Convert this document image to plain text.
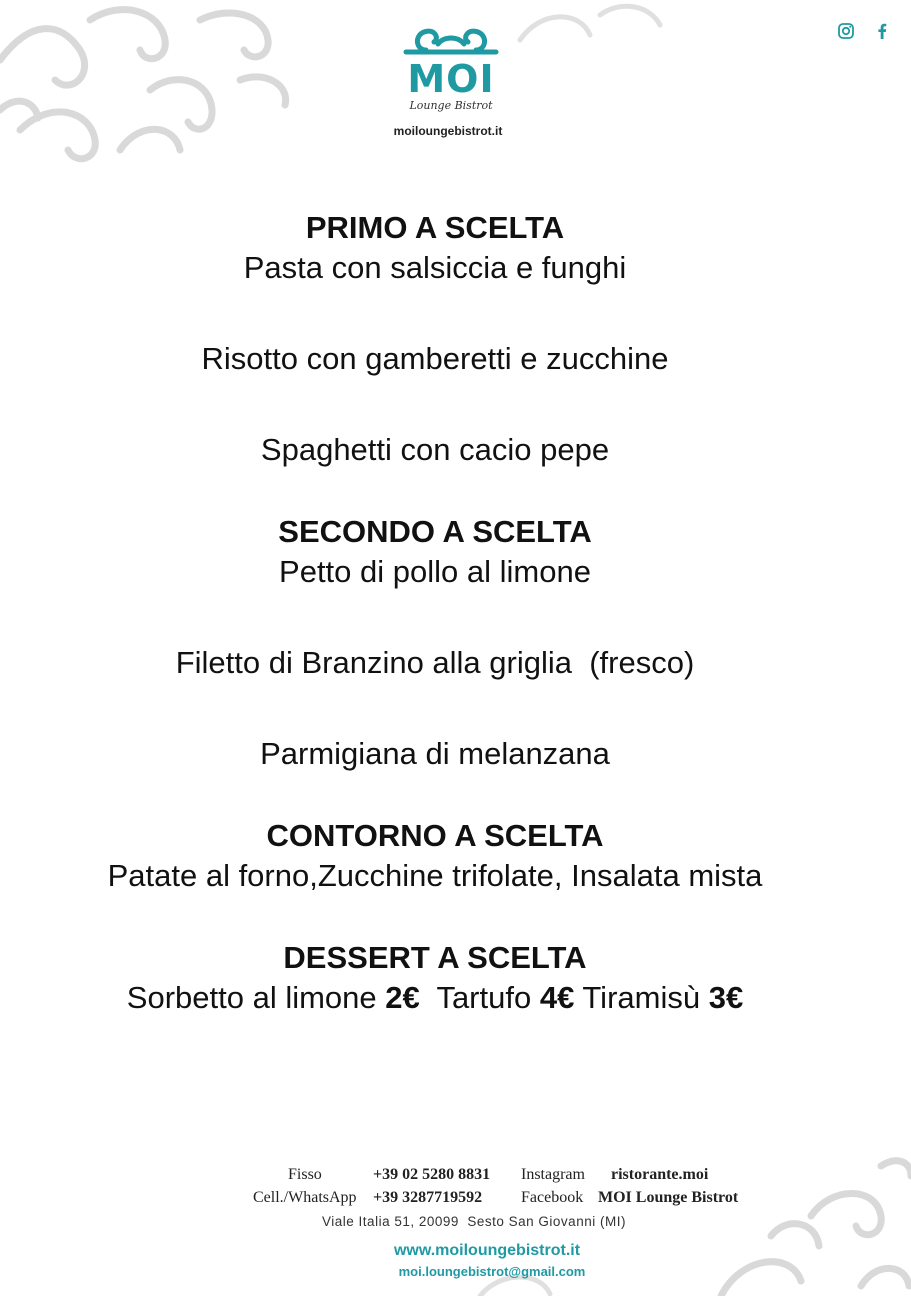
MOI
Lounge Bistrot
moiloungebistrot.it
PRIMO A SCELTA
Pasta con salsiccia e funghi
Risotto con gamberetti e zucchine
Spaghetti con cacio pepe
SECONDO A SCELTA
Petto di pollo al limone
Filetto di Branzino alla griglia  (fresco)
Parmigiana di melanzana
CONTORNO A SCELTA
Patate al forno,Zucchine trifolate, Insalata mista
DESSERT A SCELTA
Sorbetto al limone 2€ Tartufo 4€ Tiramisù 3€
Fisso	+39 02 5280 8831 Instagram ristorante.moi
Cell./WhatsApp +39 3287719592 Facebook MOI Lounge Bistrot
Viale Italia 51, 20099  Sesto San Giovanni (MI)
www.moiloungebistrot.it
moi.loungebistrot@gmail.com
